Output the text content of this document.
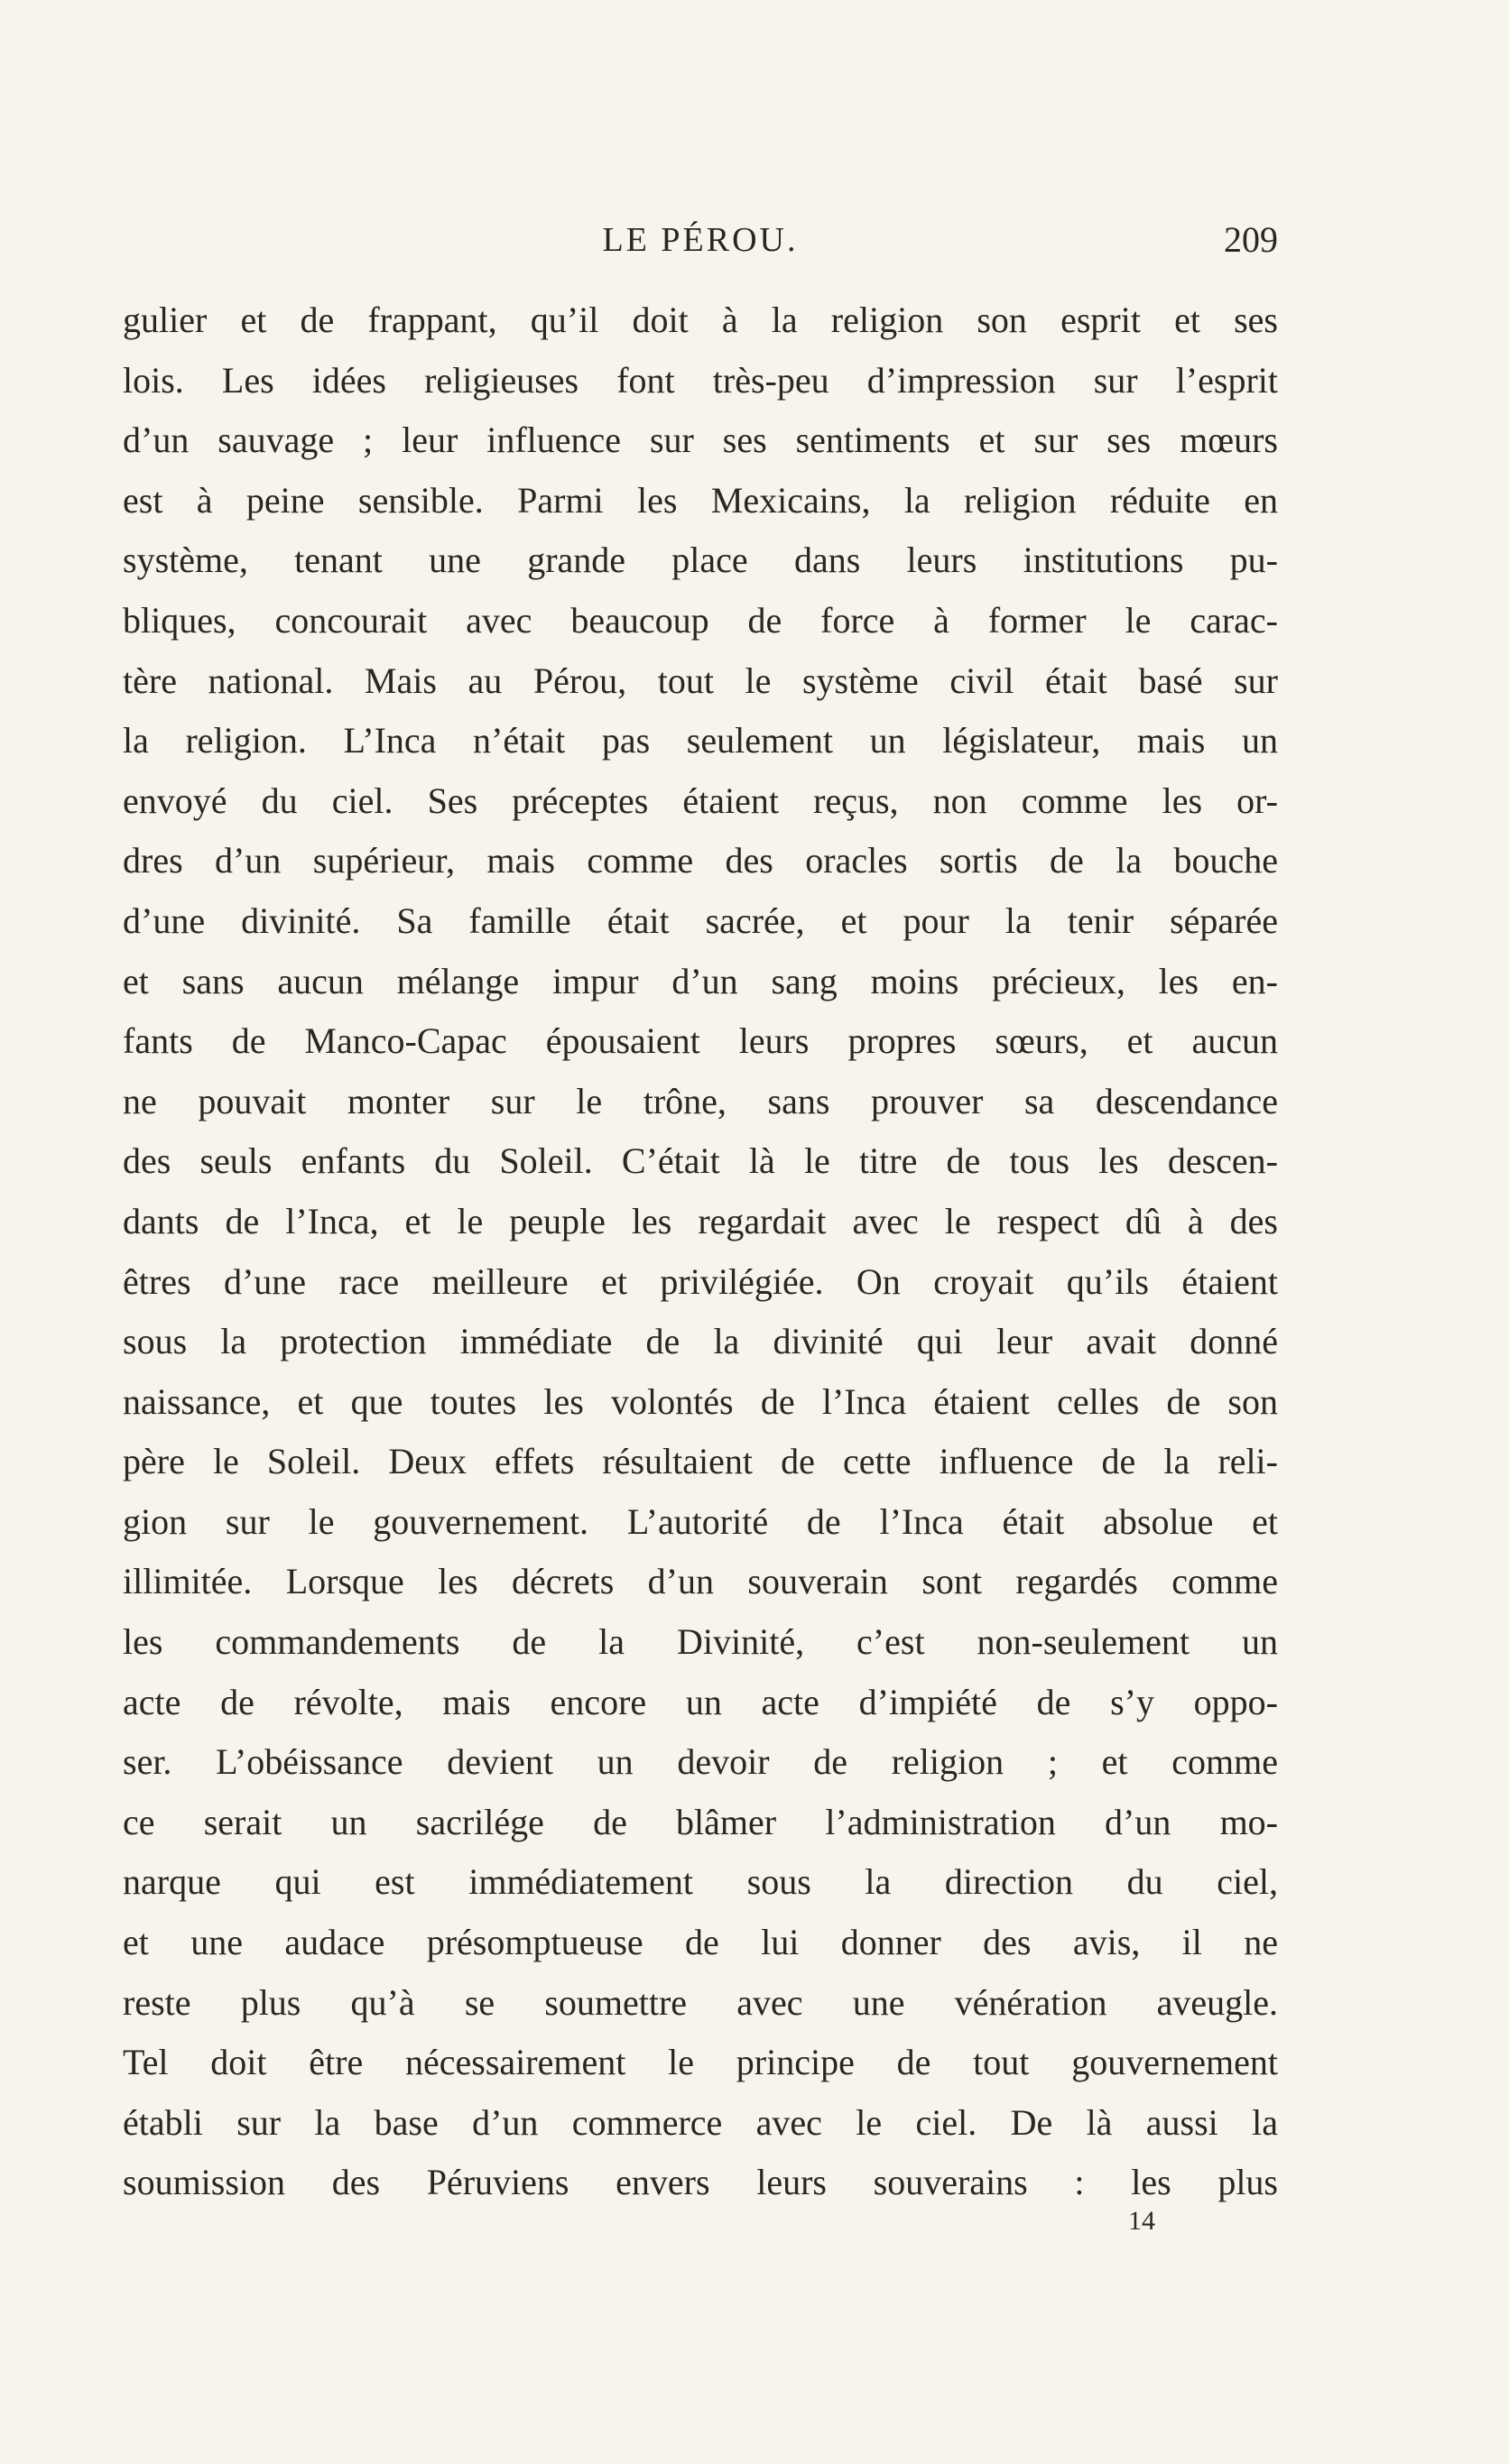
LE PÉROU.	209
gulier et de frappant, qu’il doit à la religion son esprit et ses
lois. Les idées religieuses font très-peu d’impression sur l’esprit
d’un sauvage ; leur influence sur ses sentiments et sur ses mœurs
est à peine sensible. Parmi les Mexicains, la religion réduite en
système, tenant une grande place dans leurs institutions pu-
bliques, concourait avec beaucoup de force à former le carac-
tère national. Mais au Pérou, tout le système civil était basé sur
la religion. L’Inca n’était pas seulement un législateur, mais un
envoyé du ciel. Ses préceptes étaient reçus, non comme les or-
dres d’un supérieur, mais comme des oracles sortis de la bouche
d’une divinité. Sa famille était sacrée, et pour la tenir séparée
et sans aucun mélange impur d’un sang moins précieux, les en-
fants de Manco-Capac épousaient leurs propres sœurs, et aucun
ne pouvait monter sur le trône, sans prouver sa descendance
des seuls enfants du Soleil. C’était là le titre de tous les descen-
dants de l’Inca, et le peuple les regardait avec le respect dû à des
êtres d’une race meilleure et privilégiée. On croyait qu’ils étaient
sous la protection immédiate de la divinité qui leur avait donné
naissance, et que toutes les volontés de l’Inca étaient celles de son
père le Soleil. Deux effets résultaient de cette influence de la reli-
gion sur le gouvernement. L’autorité de l’Inca était absolue et
illimitée. Lorsque les décrets d’un souverain sont regardés comme
les commandements de la Divinité, c’est non-seulement un
acte de révolte, mais encore un acte d’impiété de s’y oppo-
ser. L’obéissance devient un devoir de religion ; et comme
ce serait un sacrilége de blâmer l’administration d’un mo-
narque qui est immédiatement sous la direction du ciel,
et une audace présomptueuse de lui donner des avis, il ne
reste plus qu’à se soumettre avec une vénération aveugle.
Tel doit être nécessairement le principe de tout gouvernement
établi sur la base d’un commerce avec le ciel. De là aussi la
soumission des Péruviens envers leurs souverains : les plus
14
